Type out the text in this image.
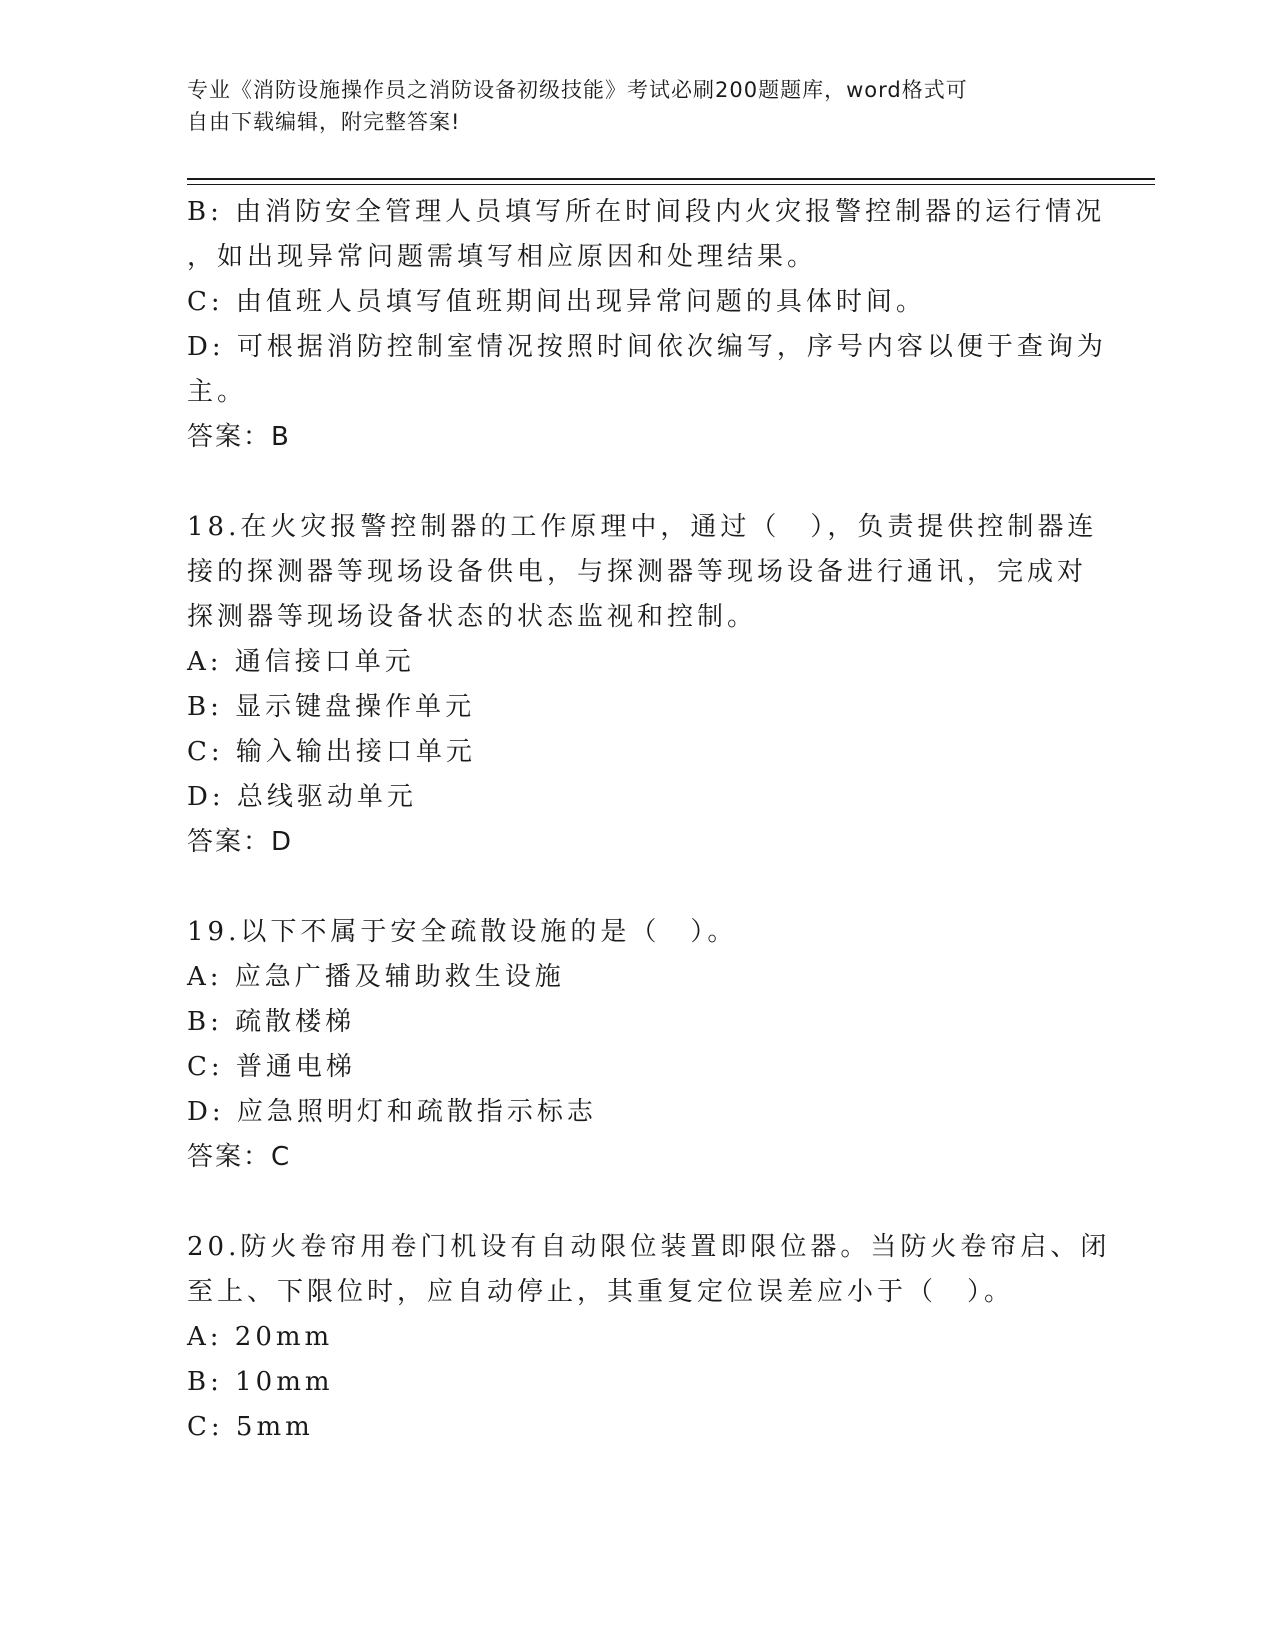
专业《消防设施操作员之消防设备初级技能》考试必刷200题题库，word格式可
自由下载编辑，附完整答案!
B: 由消防安全管理人员填写所在时间段内火灾报警控制器的运行情况
，如出现异常问题需填写相应原因和处理结果。
C: 由值班人员填写值班期间出现异常问题的具体时间。
D: 可根据消防控制室情况按照时间依次编写，序号内容以便于查询为
主。
答案：B
18.在火灾报警控制器的工作原理中，通过（　），负责提供控制器连
接的探测器等现场设备供电，与探测器等现场设备进行通讯，完成对
探测器等现场设备状态的状态监视和控制。
A: 通信接口单元
B: 显示键盘操作单元
C: 输入输出接口单元
D: 总线驱动单元
答案：D
19.以下不属于安全疏散设施的是（　）。
A: 应急广播及辅助救生设施
B: 疏散楼梯
C: 普通电梯
D: 应急照明灯和疏散指示标志
答案：C
20.防火卷帘用卷门机设有自动限位装置即限位器。当防火卷帘启、闭
至上、下限位时，应自动停止，其重复定位误差应小于（　）。
A: 20mm
B: 10mm
C: 5mm
